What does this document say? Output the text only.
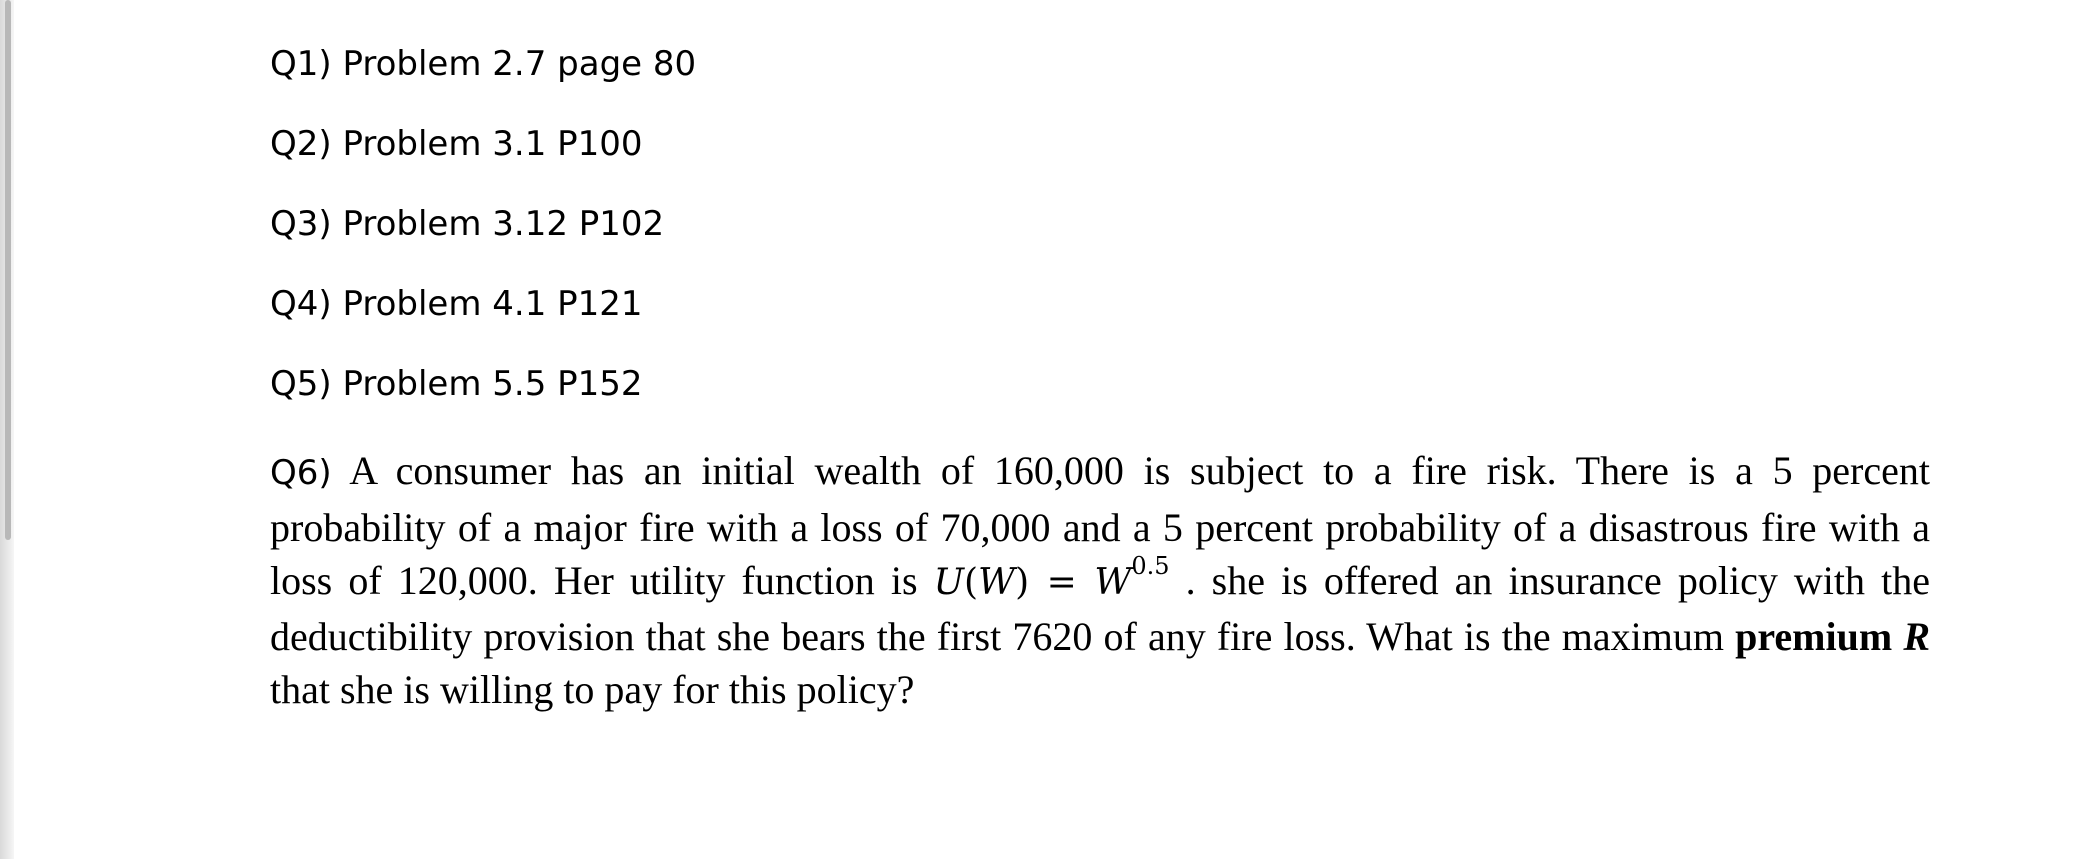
Q1) Problem 2.7 page 80
Q2) Problem 3.1 P100
Q3) Problem 3.12 P102
Q4) Problem 4.1 P121
Q5) Problem 5.5 P152

Q6) A consumer has an initial wealth of 160,000 is subject to a fire risk. There is a 5 percent probability of a major fire with a loss of 70,000 and a 5 percent probability of a disastrous fire with a loss of 120,000. Her utility function is $U(W) = W^{0.5}$ . she is offered an insurance policy with the deductibility provision that she bears the first 7620 of any fire loss. What is the maximum premium R that she is willing to pay for this policy?
